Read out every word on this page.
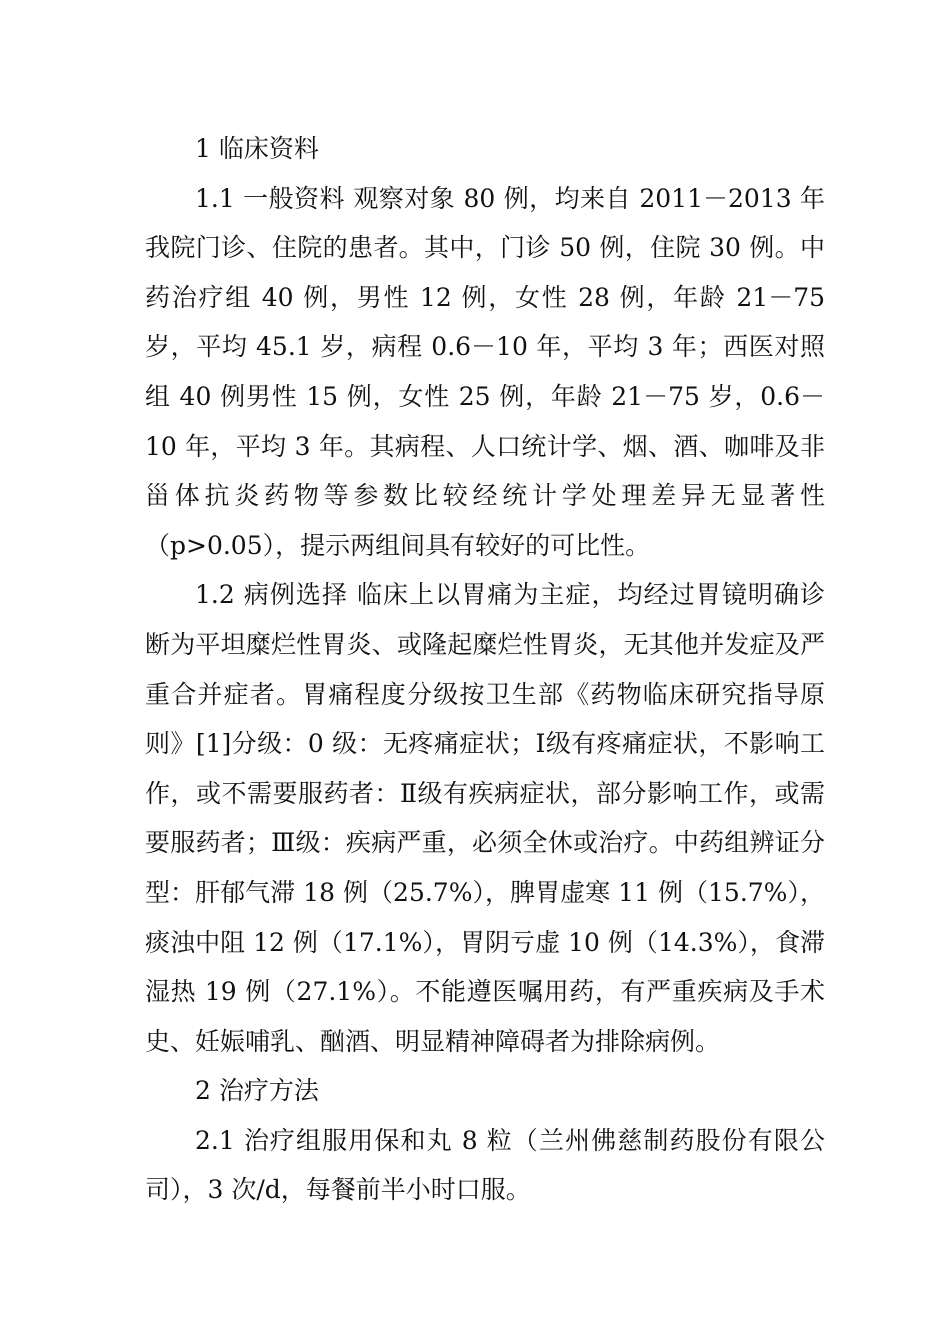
1 临床资料

1.1 一般资料 观察对象 80 例，均来自 2011－2013 年我院门诊、住院的患者。其中，门诊 50 例，住院 30 例。中药治疗组 40 例，男性 12 例，女性 28 例，年龄 21－75 岁，平均 45.1 岁，病程 0.6－10 年，平均 3 年；西医对照组 40 例男性 15 例，女性 25 例，年龄 21－75 岁，0.6－10 年，平均 3 年。其病程、人口统计学、烟、酒、咖啡及非甾体抗炎药物等参数比较经统计学处理差异无显著性（p>0.05），提示两组间具有较好的可比性。

1.2 病例选择 临床上以胃痛为主症，均经过胃镜明确诊断为平坦糜烂性胃炎、或隆起糜烂性胃炎，无其他并发症及严重合并症者。胃痛程度分级按卫生部《药物临床研究指导原则》[1]分级：0 级：无疼痛症状；Ⅰ级有疼痛症状，不影响工作，或不需要服药者：Ⅱ级有疾病症状，部分影响工作，或需要服药者；Ⅲ级：疾病严重，必须全休或治疗。中药组辨证分型：肝郁气滞 18 例（25.7%），脾胃虚寒 11 例（15.7%），痰浊中阻 12 例（17.1%），胃阴亏虚 10 例（14.3%），食滞湿热 19 例（27.1%）。不能遵医嘱用药，有严重疾病及手术史、妊娠哺乳、酗酒、明显精神障碍者为排除病例。

2 治疗方法

2.1 治疗组服用保和丸 8 粒（兰州佛慈制药股份有限公司），3 次/d，每餐前半小时口服。
